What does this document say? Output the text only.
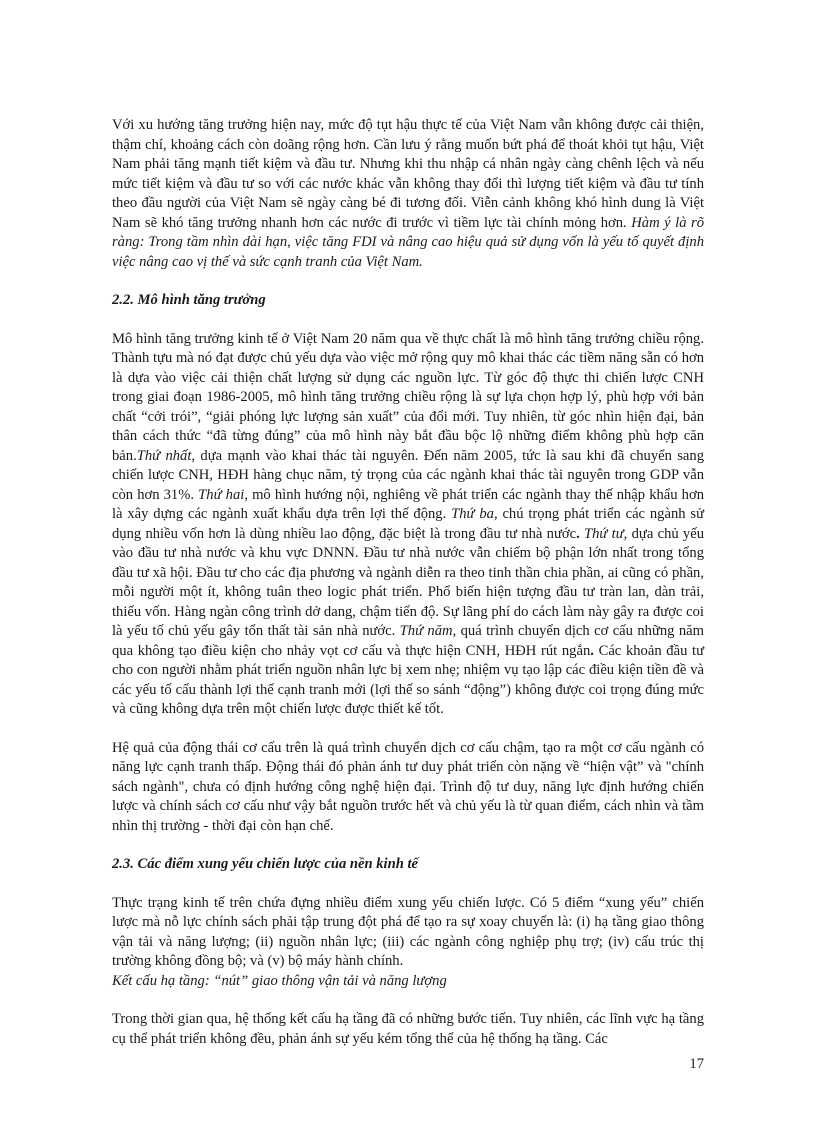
Với xu hướng tăng trưởng hiện nay, mức độ tụt hậu thực tế của Việt Nam vẫn không được cải thiện, thậm chí, khoảng cách còn doãng rộng hơn. Cần lưu ý rằng muốn bứt phá để thoát khỏi tụt hậu, Việt Nam phải tăng mạnh tiết kiệm và đầu tư. Nhưng khi thu nhập cá nhân ngày càng chênh lệch và nếu mức tiết kiệm và đầu tư so với các nước khác vẫn không thay đổi thì lượng tiết kiệm và đầu tư tính theo đầu người của Việt Nam sẽ ngày càng bé đi tương đối. Viễn cảnh không khó hình dung là Việt Nam sẽ khó tăng trưởng nhanh hơn các nước đi trước vì tiềm lực tài chính mỏng hơn. Hàm ý là rõ ràng: Trong tầm nhìn dài hạn, việc tăng FDI và nâng cao hiệu quả sử dụng vốn là yếu tố quyết định việc nâng cao vị thế và sức cạnh tranh của Việt Nam.

2.2. Mô hình tăng trưởng

Mô hình tăng trưởng kinh tế ở Việt Nam 20 năm qua về thực chất là mô hình tăng trưởng chiều rộng. Thành tựu mà nó đạt được chủ yếu dựa vào việc mở rộng quy mô khai thác các tiềm năng sẵn có hơn là dựa vào việc cải thiện chất lượng sử dụng các nguồn lực. Từ góc độ thực thi chiến lược CNH trong giai đoạn 1986-2005, mô hình tăng trưởng chiều rộng là sự lựa chọn hợp lý, phù hợp với bản chất “cởi trói”, “giải phóng lực lượng sản xuất” của đổi mới. Tuy nhiên, từ góc nhìn hiện đại, bản thân cách thức “đã từng đúng” của mô hình này bắt đầu bộc lộ những điểm không phù hợp căn bản.Thứ nhất, dựa mạnh vào khai thác tài nguyên. Đến năm 2005, tức là sau khi đã chuyển sang chiến lược CNH, HĐH hàng chục năm, tỷ trọng của các ngành khai thác tài nguyên trong GDP vẫn còn hơn 31%. Thứ hai, mô hình hướng nội, nghiêng về phát triển các ngành thay thế nhập khẩu hơn là xây dựng các ngành xuất khẩu dựa trên lợi thế động. Thứ ba, chú trọng phát triển các ngành sử dụng nhiều vốn hơn là dùng nhiều lao động, đặc biệt là trong đầu tư nhà nước. Thứ tư, dựa chủ yếu vào đầu tư nhà nước và khu vực DNNN. Đầu tư nhà nước vẫn chiếm bộ phận lớn nhất trong tổng đầu tư xã hội. Đầu tư cho các địa phương và ngành diễn ra theo tinh thần chia phần, ai cũng có phần, mỗi người một ít, không tuân theo logic phát triển. Phổ biến hiện tượng đầu tư tràn lan, dàn trải, thiếu vốn. Hàng ngàn công trình dở dang, chậm tiến độ. Sự lãng phí do cách làm này gây ra được coi là yếu tố chủ yếu gây tổn thất tài sản nhà nước. Thứ năm, quá trình chuyển dịch cơ cấu những năm qua không tạo điều kiện cho nhảy vọt cơ cấu và thực hiện CNH, HĐH rút ngắn. Các khoản đầu tư cho con người nhằm phát triển nguồn nhân lực bị xem nhẹ; nhiệm vụ tạo lập các điều kiện tiền đề và các yếu tố cấu thành lợi thế cạnh tranh mới (lợi thế so sánh “động”) không được coi trọng đúng mức và cũng không dựa trên một chiến lược được thiết kế tốt.

Hệ quả của động thái cơ cấu trên là quá trình chuyển dịch cơ cấu chậm, tạo ra một cơ cấu ngành có năng lực cạnh tranh thấp. Động thái đó phản ánh tư duy phát triển còn nặng về “hiện vật” và "chính sách ngành", chưa có định hướng công nghệ hiện đại. Trình độ tư duy, năng lực định hướng chiến lược và chính sách cơ cấu như vậy bắt nguồn trước hết và chủ yếu là từ quan điểm, cách nhìn và tầm nhìn thị trường - thời đại còn hạn chế.

2.3. Các điểm xung yếu chiến lược của nền kinh tế

Thực trạng kinh tế trên chứa đựng nhiều điểm xung yếu chiến lược. Có 5 điểm “xung yếu” chiến lược mà nỗ lực chính sách phải tập trung đột phá để tạo ra sự xoay chuyển là: (i) hạ tầng giao thông vận tải và năng lượng; (ii) nguồn nhân lực; (iii) các ngành công nghiệp phụ trợ; (iv) cấu trúc thị trường không đồng bộ; và (v) bộ máy hành chính.

Kết cấu hạ tầng: “nút” giao thông vận tải và năng lượng

Trong thời gian qua, hệ thống kết cấu hạ tầng đã có những bước tiến. Tuy nhiên, các lĩnh vực hạ tầng cụ thể phát triển không đều, phản ánh sự yếu kém tổng thể của hệ thống hạ tầng. Các

17
